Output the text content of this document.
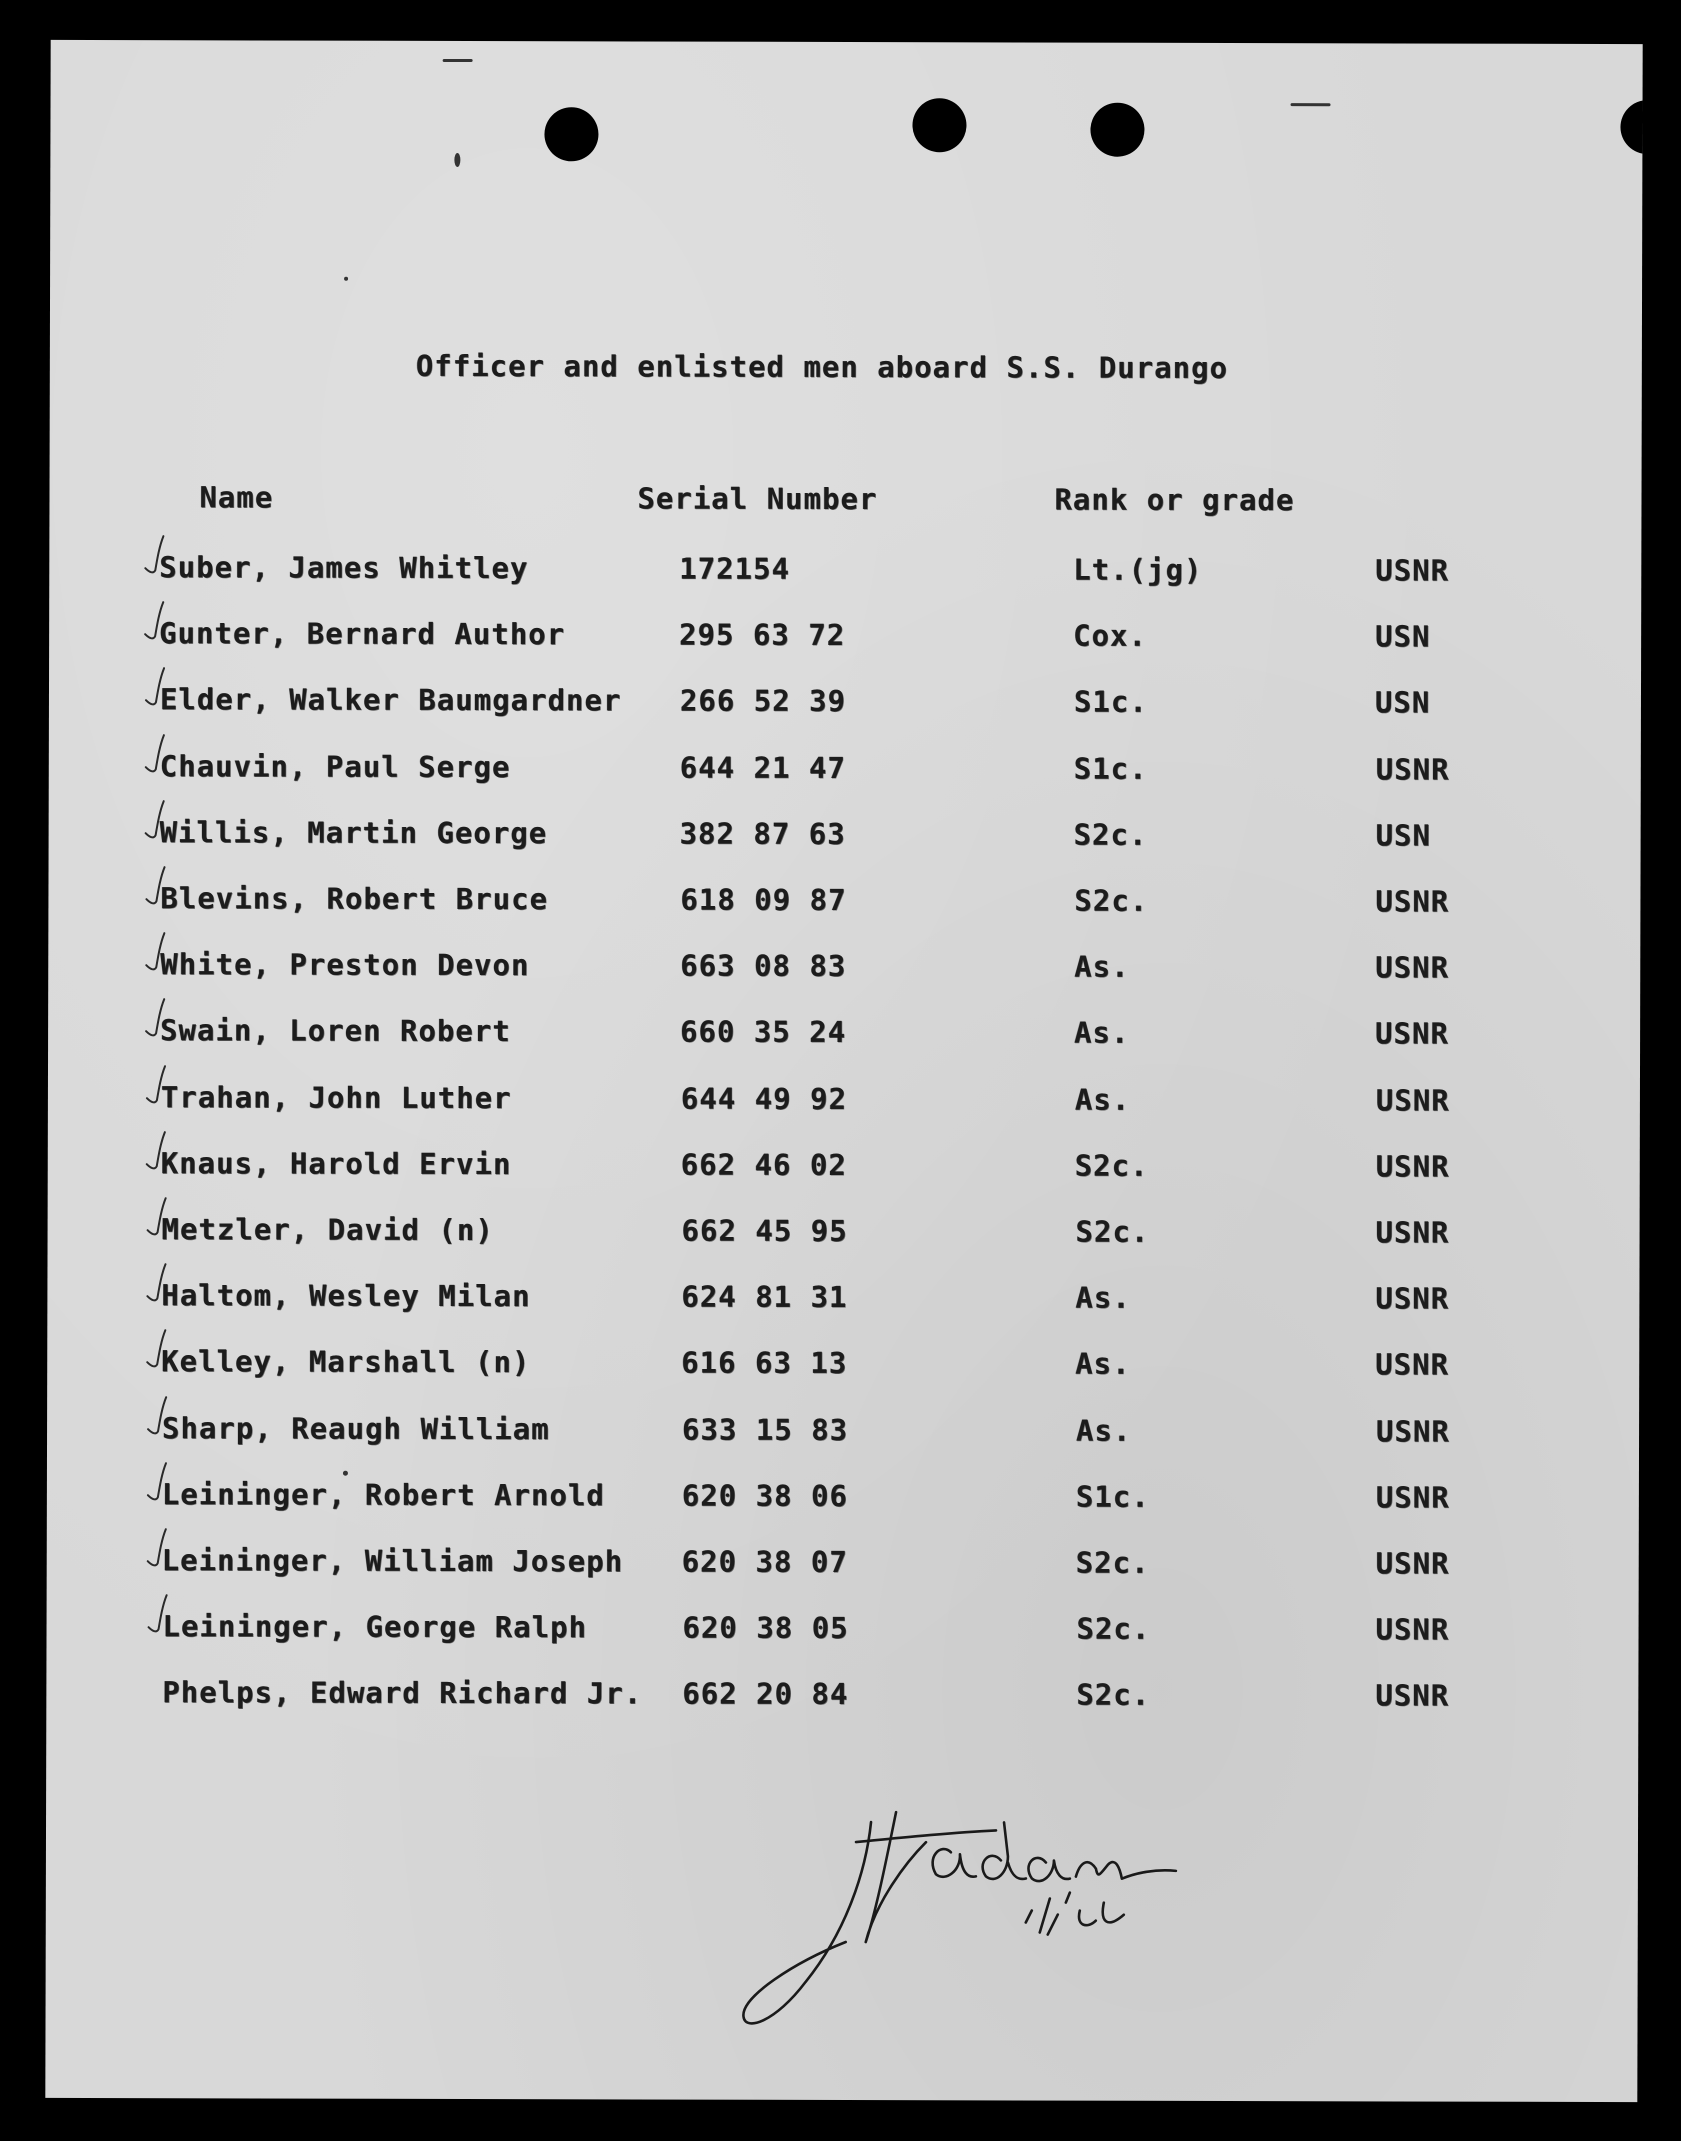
Officer and enlisted men aboard S.S. Durango
Name	Serial Number	Rank or grade
Suber, James Whitley	172154	Lt.(jg)	USNR
Gunter, Bernard Author	295 63 72	Cox.	USN
Elder, Walker Baumgardner 266 52 39	S1c.	USN
Chauvin, Paul Serge	644 21 47	S1c.	USNR
Willis, Martin George	382 87 63	S2c.	USN
Blevins, Robert Bruce	618 09 87	S2c.	USNR
White, Preston Devon	663 08 83	As.	USNR
Swain, Loren Robert	660 35 24	As.	USNR
Trahan, John Luther	644 49 92	As.	USNR
Knaus, Harold Ervin	662 46 02	S2c.	USNR
Metzler, David (n)	662 45 95	S2c.	USNR
Haltom, Wesley Milan	624 81 31	As.	USNR
Kelley, Marshall (n)	616 63 13	As.	USNR
Sharp, Reaugh William	633 15 83	As.	USNR
Leininger, Robert Arnold	620 38 06	S1c.	USNR
Leininger, William Joseph 620 38 07	S2c.	USNR
Leininger, George Ralph	620 38 05	S2c.	USNR
Phelps, Edward Richard Jr. 662 20 84	S2c.	USNR
